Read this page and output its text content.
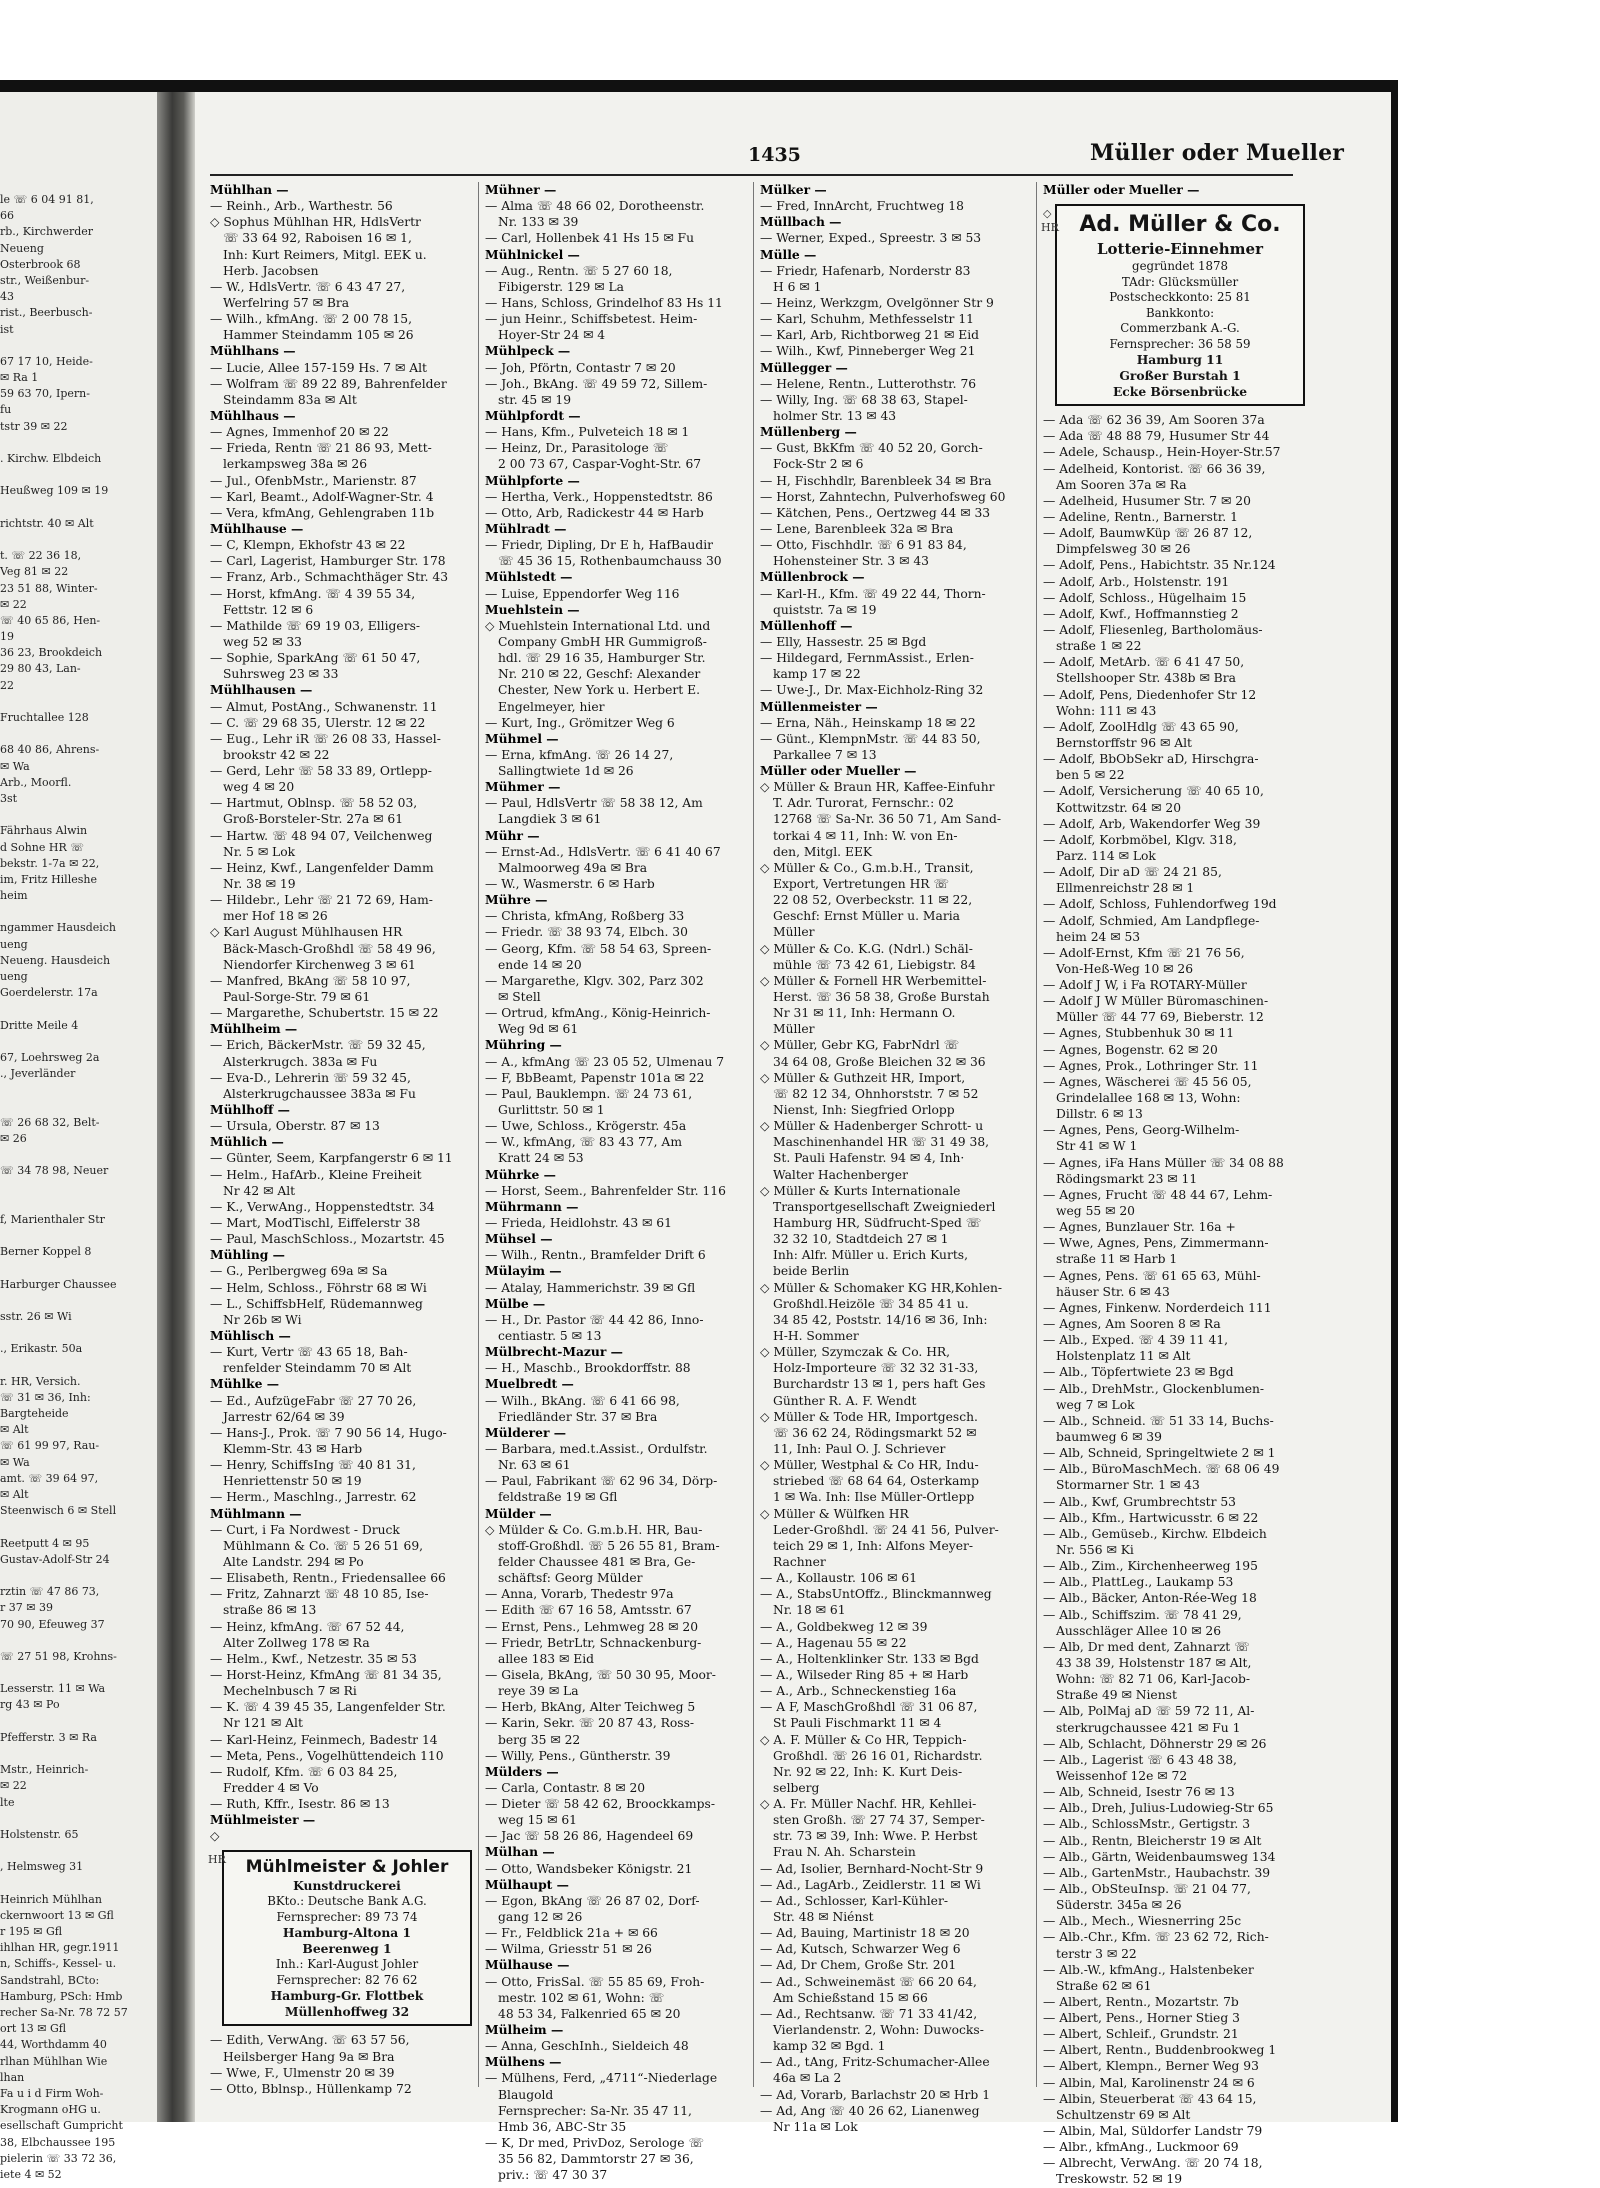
le ☏ 6 04 91 81,
66
rb., Kirchwerder
Neueng
Osterbrook 68
str., Weißenbur-
43
rist., Beerbusch-
ist
67 17 10, Heide-
✉ Ra 1
59 63 70, Ipern-
fu
tstr 39 ✉ 22
. Kirchw. Elbdeich
Heußweg 109 ✉ 19
richtstr. 40 ✉ Alt
t. ☏ 22 36 18,
Veg 81 ✉ 22
23 51 88, Winter-
✉ 22
☏ 40 65 86, Hen-
19
36 23, Brookdeich
29 80 43, Lan-
22
Fruchtallee 128
68 40 86, Ahrens-
✉ Wa
Arb., Moorfl.
3st
Fährhaus Alwin
d Sohne HR ☏
bekstr. 1-7a ✉ 22,
im, Fritz Hilleshe
heim
ngammer Hausdeich
ueng
Neueng. Hausdeich
ueng
Goerdelerstr. 17a
Dritte Meile 4
67, Loehrsweg 2a
., Jeverländer
☏ 26 68 32, Belt-
✉ 26
☏ 34 78 98, Neuer
f, Marienthaler Str
Berner Koppel 8
Harburger Chaussee
sstr. 26 ✉ Wi
., Erikastr. 50a
r. HR, Versich.
☏ 31 ✉ 36, Inh:
Bargteheide
✉ Alt
☏ 61 99 97, Rau-
✉ Wa
amt. ☏ 39 64 97,
✉ Alt
Steenwisch 6 ✉ Stell
Reetputt 4 ✉ 95
Gustav-Adolf-Str 24
rztin ☏ 47 86 73,
r 37 ✉ 39
70 90, Efeuweg 37
☏ 27 51 98, Krohns-
Lesserstr. 11 ✉ Wa
rg 43 ✉ Po
Pfefferstr. 3 ✉ Ra
Mstr., Heinrich-
✉ 22
lte
Holstenstr. 65
, Helmsweg 31
Heinrich Mühlhan
ckernwoort 13 ✉ Gfl
r 195 ✉ Gfl
ihlhan HR, gegr.1911
n, Schiffs-, Kessel- u.
Sandstrahl, BCto:
Hamburg, PSch: Hmb
recher Sa-Nr. 78 72 57
ort 13 ✉ Gfl
44, Worthdamm 40
rlhan Mühlhan Wie
lhan
Fa u i d Firm Woh-
Krogmann oHG u.
esellschaft Gumpricht
38, Elbchaussee 195
pielerin ☏ 33 72 36,
iete 4 ✉ 52
1435	Müller oder Mueller
Mühlhan —
— Reinh., Arb., Warthestr. 56
◇ Sophus Mühlhan HR, HdlsVertr
☏ 33 64 92, Raboisen 16 ✉ 1,
Inh: Kurt Reimers, Mitgl. EEK u.
Herb. Jacobsen
— W., HdlsVertr. ☏ 6 43 47 27,
Werfelring 57 ✉ Bra
— Wilh., kfmAng. ☏ 2 00 78 15,
Hammer Steindamm 105 ✉ 26
Mühlhans —
— Lucie, Allee 157-159 Hs. 7 ✉ Alt
— Wolfram ☏ 89 22 89, Bahrenfelder
Steindamm 83a ✉ Alt
Mühlhaus —
— Agnes, Immenhof 20 ✉ 22
— Frieda, Rentn ☏ 21 86 93, Mett-
lerkampsweg 38a ✉ 26
— Jul., OfenbMstr., Marienstr. 87
— Karl, Beamt., Adolf-Wagner-Str. 4
— Vera, kfmAng, Gehlengraben 11b
Mühlhause —
— C, Klempn, Ekhofstr 43 ✉ 22
— Carl, Lagerist, Hamburger Str. 178
— Franz, Arb., Schmachthäger Str. 43
— Horst, kfmAng. ☏ 4 39 55 34,
Fettstr. 12 ✉ 6
— Mathilde ☏ 69 19 03, Elligers-
weg 52 ✉ 33
— Sophie, SparkAng ☏ 61 50 47,
Suhrsweg 23 ✉ 33
Mühlhausen —
— Almut, PostAng., Schwanenstr. 11
— C. ☏ 29 68 35, Ulerstr. 12 ✉ 22
— Eug., Lehr iR ☏ 26 08 33, Hassel-
brookstr 42 ✉ 22
— Gerd, Lehr ☏ 58 33 89, Ortlepp-
weg 4 ✉ 20
— Hartmut, Oblnsp. ☏ 58 52 03,
Groß-Borsteler-Str. 27a ✉ 61
— Hartw. ☏ 48 94 07, Veilchenweg
Nr. 5 ✉ Lok
— Heinz, Kwf., Langenfelder Damm
Nr. 38 ✉ 19
— Hildebr., Lehr ☏ 21 72 69, Ham-
mer Hof 18 ✉ 26
◇ Karl August Mühlhausen HR
Bäck-Masch-Großhdl ☏ 58 49 96,
Niendorfer Kirchenweg 3 ✉ 61
— Manfred, BkAng ☏ 58 10 97,
Paul-Sorge-Str. 79 ✉ 61
— Margarethe, Schubertstr. 15 ✉ 22
Mühlheim —
— Erich, BäckerMstr. ☏ 59 32 45,
Alsterkrugch. 383a ✉ Fu
— Eva-D., Lehrerin ☏ 59 32 45,
Alsterkrugchaussee 383a ✉ Fu
Mühlhoff —
— Ursula, Oberstr. 87 ✉ 13
Mühlich —
— Günter, Seem, Karpfangerstr 6 ✉ 11
— Helm., HafArb., Kleine Freiheit
Nr 42 ✉ Alt
— K., VerwAng., Hoppenstedtstr. 34
— Mart, ModTischl, Eiffelerstr 38
— Paul, MaschSchloss., Mozartstr. 45
Mühling —
— G., Perlbergweg 69a ✉ Sa
— Helm, Schloss., Föhrstr 68 ✉ Wi
— L., SchiffsbHelf, Rüdemannweg
Nr 26b ✉ Wi
Mühlisch —
— Kurt, Vertr ☏ 43 65 18, Bah-
renfelder Steindamm 70 ✉ Alt
Mühlke —
— Ed., AufzügeFabr ☏ 27 70 26,
Jarrestr 62/64 ✉ 39
— Hans-J., Prok. ☏ 7 90 56 14, Hugo-
Klemm-Str. 43 ✉ Harb
— Henry, SchiffsIng ☏ 40 81 31,
Henriettenstr 50 ✉ 19
— Herm., Maschlng., Jarrestr. 62
Mühlmann —
— Curt, i Fa Nordwest - Druck
Mühlmann & Co. ☏ 5 26 51 69,
Alte Landstr. 294 ✉ Po
— Elisabeth, Rentn., Friedensallee 66
— Fritz, Zahnarzt ☏ 48 10 85, Ise-
straße 86 ✉ 13
— Heinz, kfmAng. ☏ 67 52 44,
Alter Zollweg 178 ✉ Ra
— Helm., Kwf., Netzestr. 35 ✉ 53
— Horst-Heinz, KfmAng ☏ 81 34 35,
Mechelnbusch 7 ✉ Ri
— K. ☏ 4 39 45 35, Langenfelder Str.
Nr 121 ✉ Alt
— Karl-Heinz, Feinmech, Badestr 14
— Meta, Pens., Vogelhüttendeich 110
— Rudolf, Kfm. ☏ 6 03 84 25,
Fredder 4 ✉ Vo
— Ruth, Kffr., Isestr. 86 ✉ 13
Mühlmeister —
◇
HR	Mühlmeister & Johler
Kunstdruckerei
BKto.: Deutsche Bank A.G.
Fernsprecher: 89 73 74
Hamburg-Altona 1
Beerenweg 1
Inh.: Karl-August Johler
Fernsprecher: 82 76 62
Hamburg-Gr. Flottbek
Müllenhoffweg 32
— Edith, VerwAng. ☏ 63 57 56,
Heilsberger Hang 9a ✉ Bra
— Wwe, F., Ulmenstr 20 ✉ 39
— Otto, Bblnsp., Hüllenkamp 72
Mühner —
— Alma ☏ 48 66 02, Dorotheenstr.
Nr. 133 ✉ 39
— Carl, Hollenbek 41 Hs 15 ✉ Fu
Mühlnickel —
— Aug., Rentn. ☏ 5 27 60 18,
Fibigerstr. 129 ✉ La
— Hans, Schloss, Grindelhof 83 Hs 11
— jun Heinr., Schiffsbetest. Heim-
Hoyer-Str 24 ✉ 4
Mühlpeck —
— Joh, Pförtn, Contastr 7 ✉ 20
— Joh., BkAng. ☏ 49 59 72, Sillem-
str. 45 ✉ 19
Mühlpfordt —
— Hans, Kfm., Pulveteich 18 ✉ 1
— Heinz, Dr., Parasitologe ☏
2 00 73 67, Caspar-Voght-Str. 67
Mühlpforte —
— Hertha, Verk., Hoppenstedtstr. 86
— Otto, Arb, Radickestr 44 ✉ Harb
Mühlradt —
— Friedr, Dipling, Dr E h, HafBaudir
☏ 45 36 15, Rothenbaumchauss 30
Mühlstedt —
— Luise, Eppendorfer Weg 116
Muehlstein —
◇ Muehlstein International Ltd. und
Company GmbH HR Gummigroß-
hdl. ☏ 29 16 35, Hamburger Str.
Nr. 210 ✉ 22, Geschf: Alexander
Chester, New York u. Herbert E.
Engelmeyer, hier
— Kurt, Ing., Grömitzer Weg 6
Mühmel —
— Erna, kfmAng. ☏ 26 14 27,
Sallingtwiete 1d ✉ 26
Mühmer —
— Paul, HdlsVertr ☏ 58 38 12, Am
Langdiek 3 ✉ 61
Mühr —
— Ernst-Ad., HdlsVertr. ☏ 6 41 40 67
Malmoorweg 49a ✉ Bra
— W., Wasmerstr. 6 ✉ Harb
Mühre —
— Christa, kfmAng, Roßberg 33
— Friedr. ☏ 38 93 74, Elbch. 30
— Georg, Kfm. ☏ 58 54 63, Spreen-
ende 14 ✉ 20
— Margarethe, Klgv. 302, Parz 302
✉ Stell
— Ortrud, kfmAng., König-Heinrich-
Weg 9d ✉ 61
Mühring —
— A., kfmAng ☏ 23 05 52, Ulmenau 7
— F, BbBeamt, Papenstr 101a ✉ 22
— Paul, Bauklempn. ☏ 24 73 61,
Gurlittstr. 50 ✉ 1
— Uwe, Schloss., Krögerstr. 45a
— W., kfmAng, ☏ 83 43 77, Am
Kratt 24 ✉ 53
Mührke —
— Horst, Seem., Bahrenfelder Str. 116
Mührmann —
— Frieda, Heidlohstr. 43 ✉ 61
Mühsel —
— Wilh., Rentn., Bramfelder Drift 6
Mülayim —
— Atalay, Hammerichstr. 39 ✉ Gfl
Mülbe —
— H., Dr. Pastor ☏ 44 42 86, Inno-
centiastr. 5 ✉ 13
Mülbrecht-Mazur —
— H., Maschb., Brookdorffstr. 88
Muelbredt —
— Wilh., BkAng. ☏ 6 41 66 98,
Friedländer Str. 37 ✉ Bra
Mülderer —
— Barbara, med.t.Assist., Ordulfstr.
Nr. 63 ✉ 61
— Paul, Fabrikant ☏ 62 96 34, Dörp-
feldstraße 19 ✉ Gfl
Mülder —
◇ Mülder & Co. G.m.b.H. HR, Bau-
stoff-Großhdl. ☏ 5 26 55 81, Bram-
felder Chaussee 481 ✉ Bra, Ge-
schäftsf: Georg Mülder
— Anna, Vorarb, Thedestr 97a
— Edith ☏ 67 16 58, Amtsstr. 67
— Ernst, Pens., Lehmweg 28 ✉ 20
— Friedr, BetrLtr, Schnackenburg-
allee 183 ✉ Eid
— Gisela, BkAng, ☏ 50 30 95, Moor-
reye 39 ✉ La
— Herb, BkAng, Alter Teichweg 5
— Karin, Sekr. ☏ 20 87 43, Ross-
berg 35 ✉ 22
— Willy, Pens., Güntherstr. 39
Mülders —
— Carla, Contastr. 8 ✉ 20
— Dieter ☏ 58 42 62, Broockkamps-
weg 15 ✉ 61
— Jac ☏ 58 26 86, Hagendeel 69
Mülhan —
— Otto, Wandsbeker Königstr. 21
Mülhaupt —
— Egon, BkAng ☏ 26 87 02, Dorf-
gang 12 ✉ 26
— Fr., Feldblick 21a + ✉ 66
— Wilma, Griesstr 51 ✉ 26
Mülhause —
— Otto, FrisSal. ☏ 55 85 69, Froh-
mestr. 102 ✉ 61, Wohn: ☏
48 53 34, Falkenried 65 ✉ 20
Mülheim —
— Anna, GeschInh., Sieldeich 48
Mülhens —
— Mülhens, Ferd, „4711“-Niederlage
Blaugold
Fernsprecher: Sa-Nr. 35 47 11,
Hmb 36, ABC-Str 35
— K, Dr med, PrivDoz, Serologe ☏
35 56 82, Dammtorstr 27 ✉ 36,
priv.: ☏ 47 30 37
Mülker —
— Fred, InnArcht, Fruchtweg 18
Müllbach —
— Werner, Exped., Spreestr. 3 ✉ 53
Mülle —
— Friedr, Hafenarb, Norderstr 83
H 6 ✉ 1
— Heinz, Werkzgm, Ovelgönner Str 9
— Karl, Schuhm, Methfesselstr 11
— Karl, Arb, Richtborweg 21 ✉ Eid
— Wilh., Kwf, Pinneberger Weg 21
Müllegger —
— Helene, Rentn., Lutterothstr. 76
— Willy, Ing. ☏ 68 38 63, Stapel-
holmer Str. 13 ✉ 43
Müllenberg —
— Gust, BkKfm ☏ 40 52 20, Gorch-
Fock-Str 2 ✉ 6
— H, Fischhdlr, Barenbleek 34 ✉ Bra
— Horst, Zahntechn, Pulverhofsweg 60
— Kätchen, Pens., Oertzweg 44 ✉ 33
— Lene, Barenbleek 32a ✉ Bra
— Otto, Fischhdlr. ☏ 6 91 83 84,
Hohensteiner Str. 3 ✉ 43
Müllenbrock —
— Karl-H., Kfm. ☏ 49 22 44, Thorn-
quiststr. 7a ✉ 19
Müllenhoff —
— Elly, Hassestr. 25 ✉ Bgd
— Hildegard, FernmAssist., Erlen-
kamp 17 ✉ 22
— Uwe-J., Dr. Max-Eichholz-Ring 32
Müllenmeister —
— Erna, Näh., Heinskamp 18 ✉ 22
— Günt., KlempnMstr. ☏ 44 83 50,
Parkallee 7 ✉ 13
Müller oder Mueller —
◇ Müller & Braun HR, Kaffee-Einfuhr
T. Adr. Turorat, Fernschr.: 02
12768 ☏ Sa-Nr. 36 50 71, Am Sand-
torkai 4 ✉ 11, Inh: W. von En-
den, Mitgl. EEK
◇ Müller & Co., G.m.b.H., Transit,
Export, Vertretungen HR ☏
22 08 52, Overbeckstr. 11 ✉ 22,
Geschf: Ernst Müller u. Maria
Müller
◇ Müller & Co. K.G. (Ndrl.) Schäl-
mühle ☏ 73 42 61, Liebigstr. 84
◇ Müller & Fornell HR Werbemittel-
Herst. ☏ 36 58 38, Große Burstah
Nr 31 ✉ 11, Inh: Hermann O.
Müller
◇ Müller, Gebr KG, FabrNdrl ☏
34 64 08, Große Bleichen 32 ✉ 36
◇ Müller & Guthzeit HR, Import,
☏ 82 12 34, Ohnhorststr. 7 ✉ 52
Nienst, Inh: Siegfried Orlopp
◇ Müller & Hadenberger Schrott- u
Maschinenhandel HR ☏ 31 49 38,
St. Pauli Hafenstr. 94 ✉ 4, Inh·
Walter Hachenberger
◇ Müller & Kurts Internationale
Transportgesellschaft Zweigniederl
Hamburg HR, Südfrucht-Sped ☏
32 32 10, Stadtdeich 27 ✉ 1
Inh: Alfr. Müller u. Erich Kurts,
beide Berlin
◇ Müller & Schomaker KG HR,Kohlen-
Großhdl.Heizöle ☏ 34 85 41 u.
34 85 42, Poststr. 14/16 ✉ 36, Inh:
H-H. Sommer
◇ Müller, Szymczak & Co. HR,
Holz-Importeure ☏ 32 32 31-33,
Burchardstr 13 ✉ 1, pers haft Ges
Günther R. A. F. Wendt
◇ Müller & Tode HR, Importgesch.
☏ 36 62 24, Rödingsmarkt 52 ✉
11, Inh: Paul O. J. Schriever
◇ Müller, Westphal & Co HR, Indu-
striebed ☏ 68 64 64, Osterkamp
1 ✉ Wa. Inh: Ilse Müller-Ortlepp
◇ Müller & Wülfken HR
Leder-Großhdl. ☏ 24 41 56, Pulver-
teich 29 ✉ 1, Inh: Alfons Meyer-
Rachner
— A., Kollaustr. 106 ✉ 61
— A., StabsUntOffz., Blinckmannweg
Nr. 18 ✉ 61
— A., Goldbekweg 12 ✉ 39
— A., Hagenau 55 ✉ 22
— A., Holtenklinker Str. 133 ✉ Bgd
— A., Wilseder Ring 85 + ✉ Harb
— A., Arb., Schneckenstieg 16a
— A F, MaschGroßhdl ☏ 31 06 87,
St Pauli Fischmarkt 11 ✉ 4
◇ A. F. Müller & Co HR, Teppich-
Großhdl. ☏ 26 16 01, Richardstr.
Nr. 92 ✉ 22, Inh: K. Kurt Deis-
selberg
◇ A. Fr. Müller Nachf. HR, Kehllei-
sten Großh. ☏ 27 74 37, Semper-
str. 73 ✉ 39, Inh: Wwe. P. Herbst
Frau N. Ah. Scharstein
— Ad, Isolier, Bernhard-Nocht-Str 9
— Ad., LagArb., Zeidlerstr. 11 ✉ Wi
— Ad., Schlosser, Karl-Kühler-
Str. 48 ✉ Niénst
— Ad, Bauing, Martinistr 18 ✉ 20
— Ad, Kutsch, Schwarzer Weg 6
— Ad, Dr Chem, Große Str. 201
— Ad., Schweinemäst ☏ 66 20 64,
Am Schießstand 15 ✉ 66
— Ad., Rechtsanw. ☏ 71 33 41/42,
Vierlandenstr. 2, Wohn: Duwocks-
kamp 32 ✉ Bgd. 1
— Ad., tAng, Fritz-Schumacher-Allee
46a ✉ La 2
— Ad, Vorarb, Barlachstr 20 ✉ Hrb 1
— Ad, Ang ☏ 40 26 62, Lianenweg
Nr 11a ✉ Lok
Müller oder Mueller —
◇
HR Ad. Müller & Co.
Lotterie-Einnehmer
gegründet 1878
TAdr: Glücksmüller
Postscheckkonto: 25 81
Bankkonto:
Commerzbank A.-G.
Fernsprecher: 36 58 59
Hamburg 11
Großer Burstah 1
Ecke Börsenbrücke
— Ada ☏ 62 36 39, Am Sooren 37a
— Ada ☏ 48 88 79, Husumer Str 44
— Adele, Schausp., Hein-Hoyer-Str.57
— Adelheid, Kontorist. ☏ 66 36 39,
Am Sooren 37a ✉ Ra
— Adelheid, Husumer Str. 7 ✉ 20
— Adeline, Rentn., Barnerstr. 1
— Adolf, BaumwKüp ☏ 26 87 12,
Dimpfelsweg 30 ✉ 26
— Adolf, Pens., Habichtstr. 35 Nr.124
— Adolf, Arb., Holstenstr. 191
— Adolf, Schloss., Hügelhaim 15
— Adolf, Kwf., Hoffmannstieg 2
— Adolf, Fliesenleg, Bartholomäus-
straße 1 ✉ 22
— Adolf, MetArb. ☏ 6 41 47 50,
Stellshooper Str. 438b ✉ Bra
— Adolf, Pens, Diedenhofer Str 12
Wohn: 111 ✉ 43
— Adolf, ZoolHdlg ☏ 43 65 90,
Bernstorffstr 96 ✉ Alt
— Adolf, BbObSekr aD, Hirschgra-
ben 5 ✉ 22
— Adolf, Versicherung ☏ 40 65 10,
Kottwitzstr. 64 ✉ 20
— Adolf, Arb, Wakendorfer Weg 39
— Adolf, Korbmöbel, Klgv. 318,
Parz. 114 ✉ Lok
— Adolf, Dir aD ☏ 24 21 85,
Ellmenreichstr 28 ✉ 1
— Adolf, Schloss, Fuhlendorfweg 19d
— Adolf, Schmied, Am Landpflege-
heim 24 ✉ 53
— Adolf-Ernst, Kfm ☏ 21 76 56,
Von-Heß-Weg 10 ✉ 26
— Adolf J W, i Fa ROTARY-Müller
— Adolf J W Müller Büromaschinen-
Müller ☏ 44 77 69, Bieberstr. 12
— Agnes, Stubbenhuk 30 ✉ 11
— Agnes, Bogenstr. 62 ✉ 20
— Agnes, Prok., Lothringer Str. 11
— Agnes, Wäscherei ☏ 45 56 05,
Grindelallee 168 ✉ 13, Wohn:
Dillstr. 6 ✉ 13
— Agnes, Pens, Georg-Wilhelm-
Str 41 ✉ W 1
— Agnes, iFa Hans Müller ☏ 34 08 88
Rödingsmarkt 23 ✉ 11
— Agnes, Frucht ☏ 48 44 67, Lehm-
weg 55 ✉ 20
— Agnes, Bunzlauer Str. 16a +
— Wwe, Agnes, Pens, Zimmermann-
straße 11 ✉ Harb 1
— Agnes, Pens. ☏ 61 65 63, Mühl-
häuser Str. 6 ✉ 43
— Agnes, Finkenw. Norderdeich 111
— Agnes, Am Sooren 8 ✉ Ra
— Alb., Exped. ☏ 4 39 11 41,
Holstenplatz 11 ✉ Alt
— Alb., Töpfertwiete 23 ✉ Bgd
— Alb., DrehMstr., Glockenblumen-
weg 7 ✉ Lok
— Alb., Schneid. ☏ 51 33 14, Buchs-
baumweg 6 ✉ 39
— Alb, Schneid, Springeltwiete 2 ✉ 1
— Alb., BüroMaschMech. ☏ 68 06 49
Stormarner Str. 1 ✉ 43
— Alb., Kwf, Grumbrechtstr 53
— Alb., Kfm., Hartwicusstr. 6 ✉ 22
— Alb., Gemüseb., Kirchw. Elbdeich
Nr. 556 ✉ Ki
— Alb., Zim., Kirchenheerweg 195
— Alb., PlattLeg., Laukamp 53
— Alb., Bäcker, Anton-Rée-Weg 18
— Alb., Schiffszim. ☏ 78 41 29,
Ausschläger Allee 10 ✉ 26
— Alb, Dr med dent, Zahnarzt ☏
43 38 39, Holstenstr 187 ✉ Alt,
Wohn: ☏ 82 71 06, Karl-Jacob-
Straße 49 ✉ Nienst
— Alb, PolMaj aD ☏ 59 72 11, Al-
sterkrugchaussee 421 ✉ Fu 1
— Alb, Schlacht, Döhnerstr 29 ✉ 26
— Alb., Lagerist ☏ 6 43 48 38,
Weissenhof 12e ✉ 72
— Alb, Schneid, Isestr 76 ✉ 13
— Alb., Dreh, Julius-Ludowieg-Str 65
— Alb., SchlossMstr., Gertigstr. 3
— Alb., Rentn, Bleicherstr 19 ✉ Alt
— Alb., Gärtn, Weidenbaumsweg 134
— Alb., GartenMstr., Haubachstr. 39
— Alb., ObSteuInsp. ☏ 21 04 77,
Süderstr. 345a ✉ 26
— Alb., Mech., Wiesnerring 25c
— Alb.-Chr., Kfm. ☏ 23 62 72, Rich-
terstr 3 ✉ 22
— Alb.-W., kfmAng., Halstenbeker
Straße 62 ✉ 61
— Albert, Rentn., Mozartstr. 7b
— Albert, Pens., Horner Stieg 3
— Albert, Schleif., Grundstr. 21
— Albert, Rentn., Buddenbrookweg 1
— Albert, Klempn., Berner Weg 93
— Albin, Mal, Karolinenstr 24 ✉ 6
— Albin, Steuerberat ☏ 43 64 15,
Schultzenstr 69 ✉ Alt
— Albin, Mal, Süldorfer Landstr 79
— Albr., kfmAng., Luckmoor 69
— Albrecht, VerwAng. ☏ 20 74 18,
Treskowstr. 52 ✉ 19
